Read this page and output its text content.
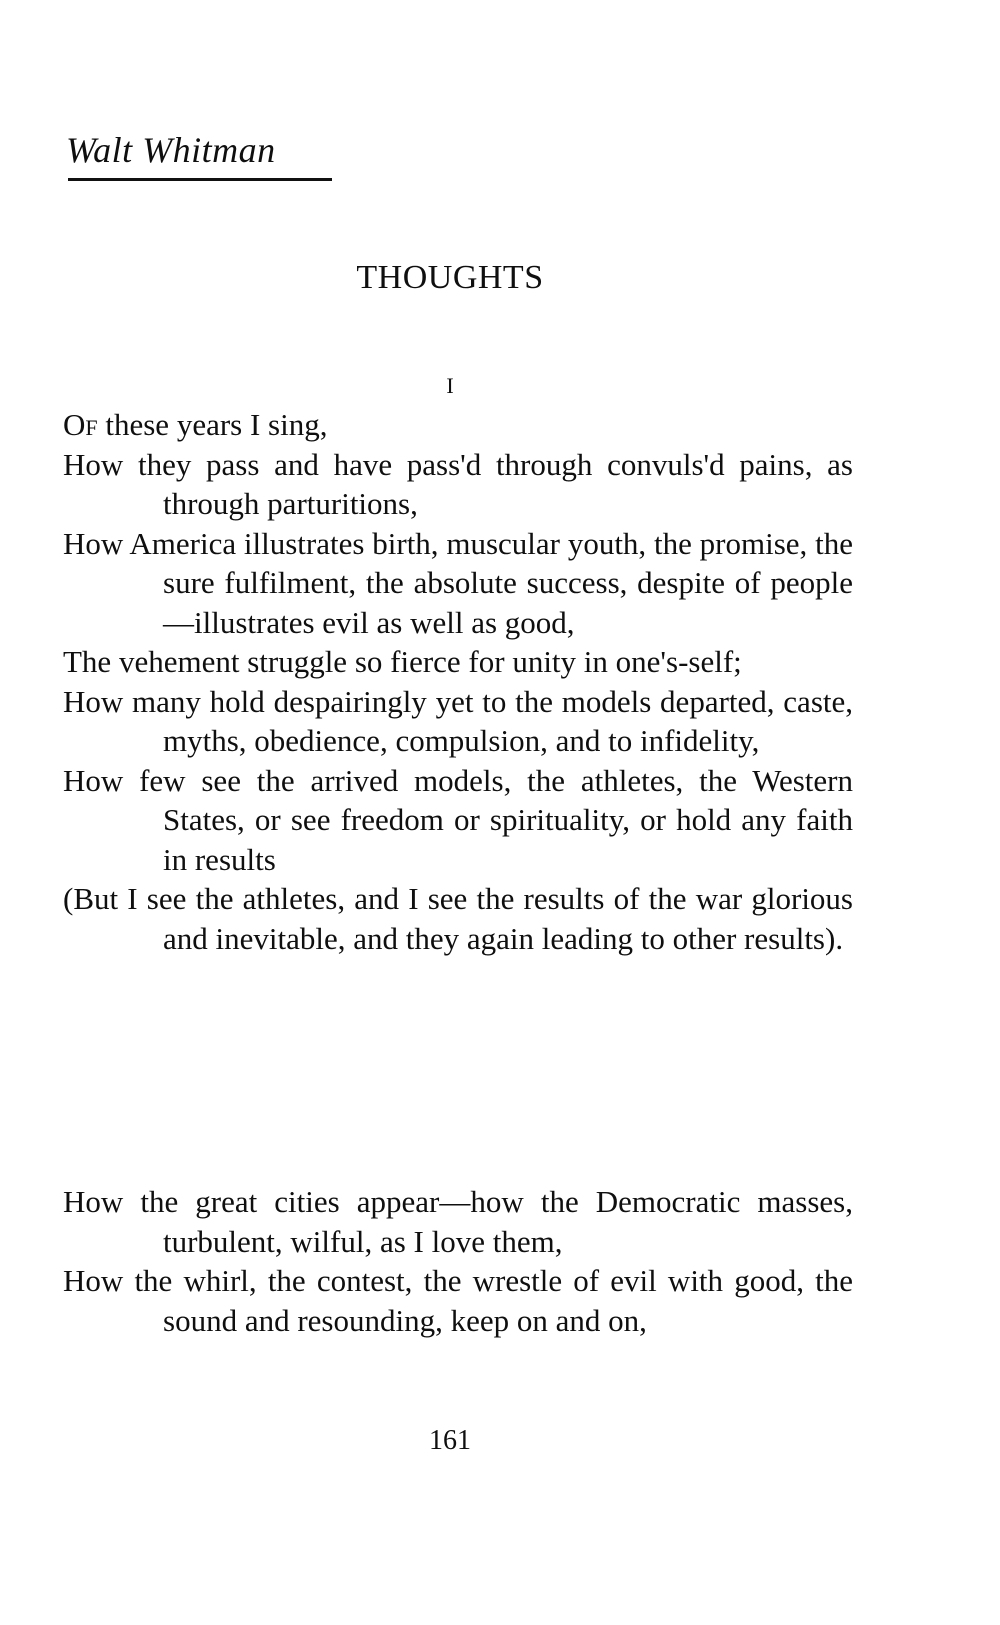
Walt Whitman
THOUGHTS
I
Of these years I sing,
How they pass and have pass'd through convuls'd pains, as through parturitions,
How America illustrates birth, muscular youth, the promise, the sure fulfilment, the absolute success, despite of people—illustrates evil as well as good,
The vehement struggle so fierce for unity in one's-self;
How many hold despairingly yet to the models departed, caste, myths, obedience, compulsion, and to infidelity,
How few see the arrived models, the athletes, the Western States, or see freedom or spirituality, or hold any faith in results
(But I see the athletes, and I see the results of the war glorious and inevitable, and they again leading to other results).
How the great cities appear—how the Democratic masses, turbulent, wilful, as I love them,
How the whirl, the contest, the wrestle of evil with good, the sound and resounding, keep on and on,
161
